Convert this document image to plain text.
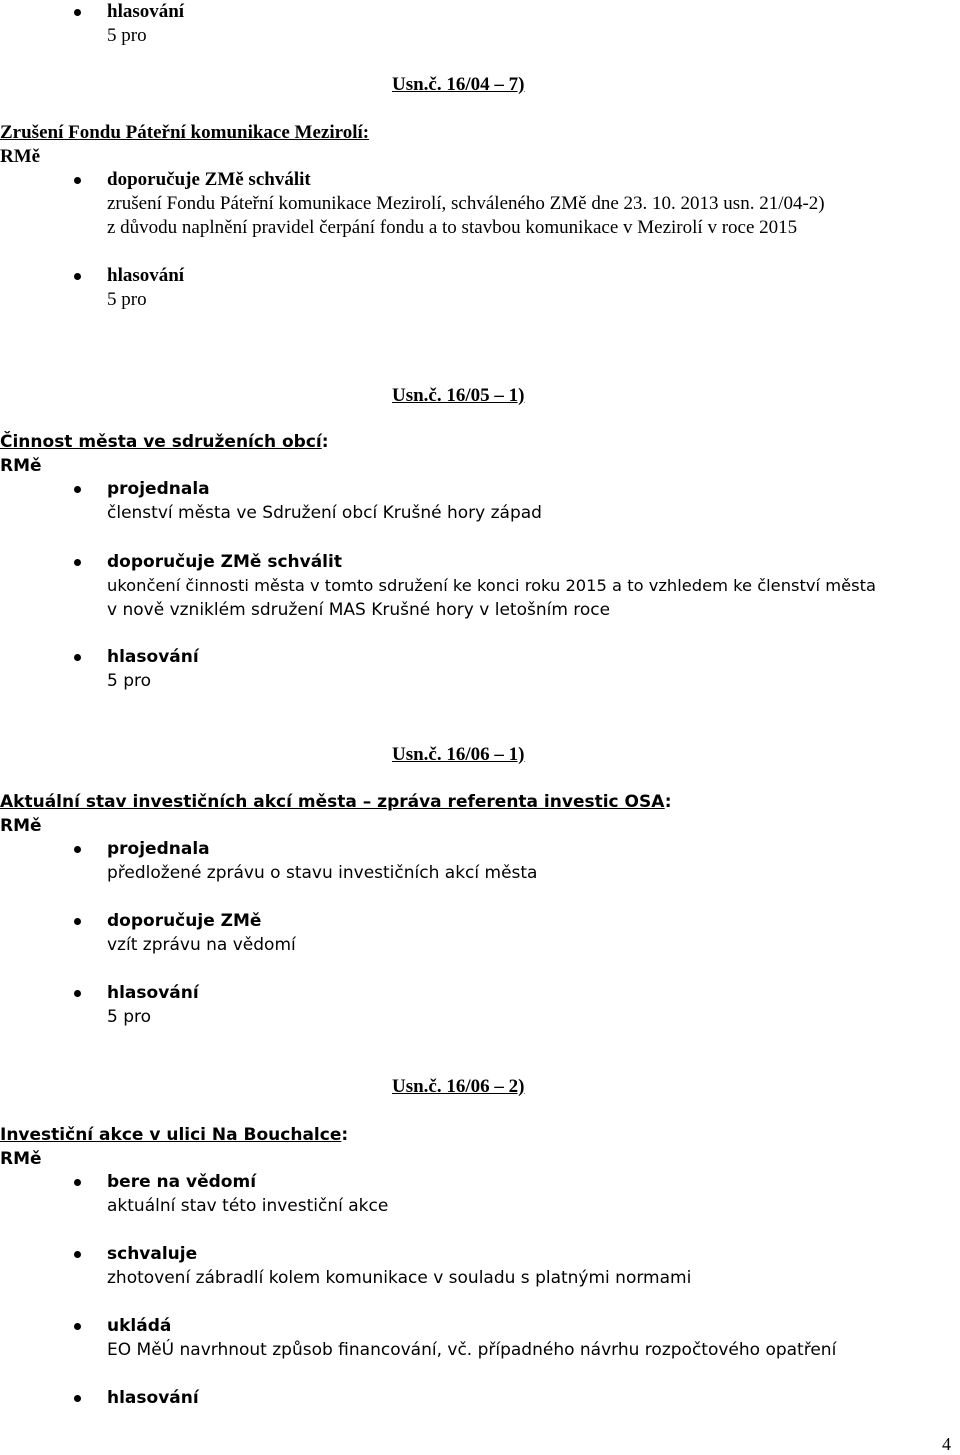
hlasování
5 pro
Usn.č. 16/04 – 7)
Zrušení Fondu Páteřní komunikace Mezirolí:
RMě
doporučuje ZMě schválit
zrušení Fondu Páteřní komunikace Mezirolí, schváleného ZMě dne 23. 10. 2013 usn. 21/04-2)
z důvodu naplnění pravidel čerpání fondu a to stavbou komunikace v Mezirolí v roce 2015
hlasování
5 pro
Usn.č. 16/05 – 1)
Činnost města ve sdruženích obcí:
RMě
projednala
členství města ve Sdružení obcí Krušné hory západ
doporučuje ZMě schválit
ukončení činnosti města v tomto sdružení ke konci roku 2015 a to vzhledem ke členství města
v nově vzniklém sdružení MAS Krušné hory v letošním roce
hlasování
5 pro
Usn.č. 16/06 – 1)
Aktuální stav investičních akcí města – zpráva referenta investic OSA:
RMě
projednala
předložené zprávu o stavu investičních akcí města
doporučuje ZMě
vzít zprávu na vědomí
hlasování
5 pro
Usn.č. 16/06 – 2)
Investiční akce v ulici Na Bouchalce:
RMě
bere na vědomí
aktuální stav této investiční akce
schvaluje
zhotovení zábradlí kolem komunikace v souladu s platnými normami
ukládá
EO MěÚ navrhnout způsob financování, vč. případného návrhu rozpočtového opatření
hlasování
4
